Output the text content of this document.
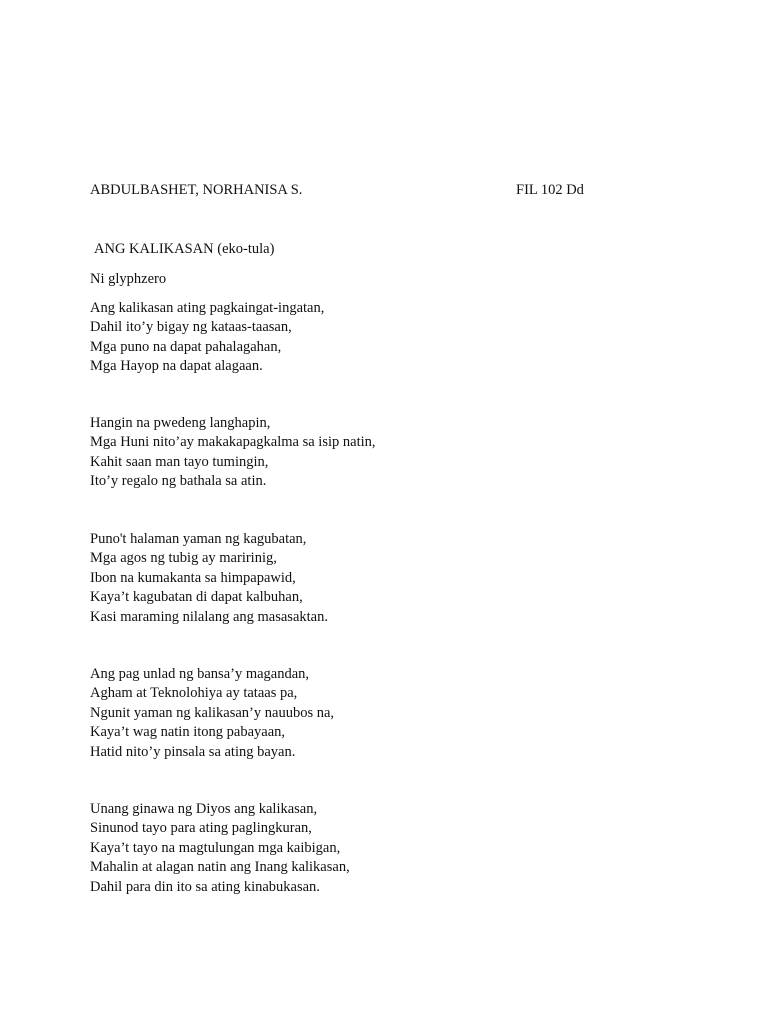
ABDULBASHET, NORHANISA S.	FIL 102 Dd
ANG KALIKASAN (eko-tula)
Ni glyphzero
Ang kalikasan ating pagkaingat-ingatan,
Dahil ito’y bigay ng kataas-taasan,
Mga puno na dapat pahalagahan,
Mga Hayop na dapat alagaan.
Hangin na pwedeng langhapin,
Mga Huni nito’ay makakapagkalma sa isip natin,
Kahit saan man tayo tumingin,
Ito’y regalo ng bathala sa atin.
Puno't halaman yaman ng kagubatan,
Mga agos ng tubig ay maririnig,
Ibon na kumakanta sa himpapawid,
Kaya’t kagubatan di dapat kalbuhan,
Kasi maraming nilalang ang masasaktan.
Ang pag unlad ng bansa’y magandan,
Agham at Teknolohiya ay tataas pa,
Ngunit yaman ng kalikasan’y nauubos na,
Kaya’t wag natin itong pabayaan,
Hatid nito’y pinsala sa ating bayan.
Unang ginawa ng Diyos ang kalikasan,
Sinunod tayo para ating paglingkuran,
Kaya’t tayo na magtulungan mga kaibigan,
Mahalin at alagan natin ang Inang kalikasan,
Dahil para din ito sa ating kinabukasan.
